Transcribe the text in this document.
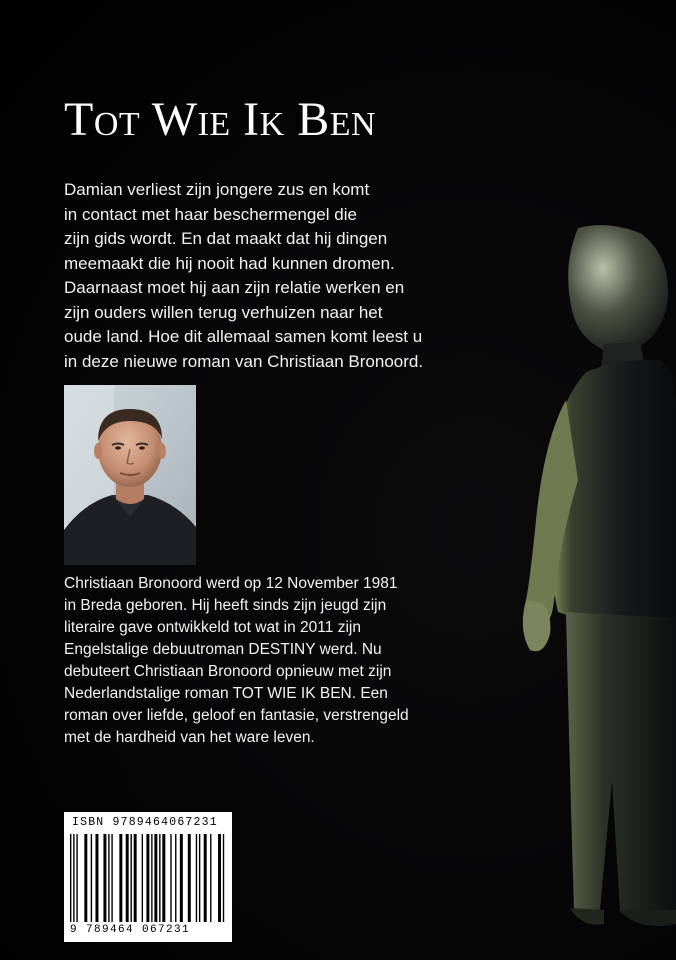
Tot Wie Ik Ben
Damian verliest zijn jongere zus en komt
in contact met haar beschermengel die
zijn gids wordt. En dat maakt dat hij dingen
meemaakt die hij nooit had kunnen dromen.
Daarnaast moet hij aan zijn relatie werken en
zijn ouders willen terug verhuizen naar het
oude land. Hoe dit allemaal samen komt leest u
in deze nieuwe roman van Christiaan Bronoord.
Christiaan Bronoord werd op 12 November 1981
in Breda geboren. Hij heeft sinds zijn jeugd zijn
literaire gave ontwikkeld tot wat in 2011 zijn
Engelstalige debuutroman DESTINY werd. Nu
debuteert Christiaan Bronoord opnieuw met zijn
Nederlandstalige roman TOT WIE IK BEN. Een
roman over liefde, geloof en fantasie, verstrengeld
met de hardheid van het ware leven.
ISBN 9789464067231
9 789464 067231
